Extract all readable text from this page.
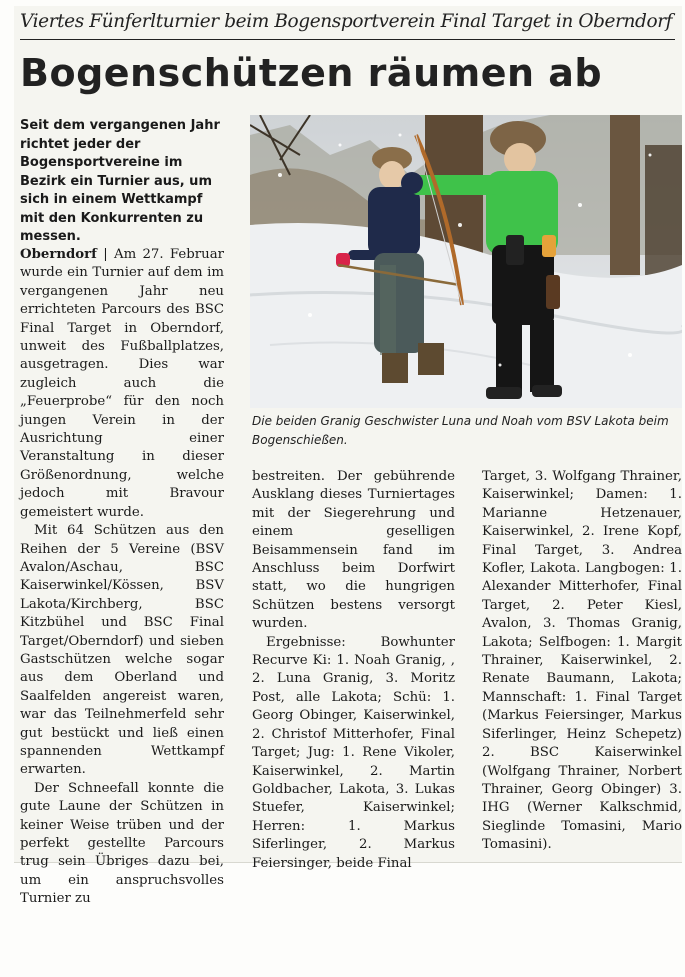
Viertes Fünferlturnier beim Bogensportverein Final Target in Oberndorf
Bogenschützen räumen ab
Seit dem vergangenen Jahr richtet jeder der Bogensportvereine im Bezirk ein Turnier aus, um sich in einem Wettkampf mit den Konkurrenten zu messen.
Die beiden Granig Geschwister Luna und Noah vom BSV Lakota beim Bogenschießen.

Oberndorf | Am 27. Februar wurde ein Turnier auf dem im vergangenen Jahr neu errichteten Parcours des BSC Final Target in Oberndorf, unweit des Fußballplatzes, ausgetragen. Dies war zugleich auch die „Feuerprobe“ für den noch jungen Verein in der Ausrichtung einer Veranstaltung in dieser Größenordnung, welche jedoch mit Bravour gemeistert wurde.

Mit 64 Schützen aus den Reihen der 5 Vereine (BSV Avalon/Aschau, BSC Kaiserwinkel/Kössen, BSV Lakota/Kirchberg, BSC Kitzbühel und BSC Final Target/Oberndorf) und sieben Gastschützen welche sogar aus dem Oberland und Saalfelden angereist waren, war das Teilnehmerfeld sehr gut bestückt und ließ einen spannenden Wettkampf erwarten.

Der Schneefall konnte die gute Laune der Schützen in keiner Weise trüben und der perfekt gestellte Parcours trug sein Übriges dazu bei, um ein anspruchsvolles Turnier zu

bestreiten. Der gebührende Ausklang dieses Turniertages mit der Siegerehrung und einem geselligen Beisammensein fand im Anschluss beim Dorfwirt statt, wo die hungrigen Schützen bestens versorgt wurden.

Ergebnisse: Bowhunter Recurve Ki: 1. Noah Granig, , 2. Luna Granig, 3. Moritz Post, alle Lakota; Schü: 1. Georg Obinger, Kaiserwinkel, 2. Christof Mitterhofer, Final Target; Jug: 1. Rene Vikoler, Kaiserwinkel, 2. Martin Goldbacher, Lakota, 3. Lukas Stuefer, Kaiserwinkel; Herren: 1. Markus Siferlinger, 2. Markus Feiersinger, beide Final

Target, 3. Wolfgang Thrainer, Kaiserwinkel; Damen: 1. Marianne Hetzenauer, Kaiserwinkel, 2. Irene Kopf, Final Target, 3. Andrea Kofler, Lakota. Langbogen: 1. Alexander Mitterhofer, Final Target, 2. Peter Kiesl, Avalon, 3. Thomas Granig, Lakota; Selfbogen: 1. Margit Thrainer, Kaiserwinkel, 2. Renate Baumann, Lakota; Mannschaft: 1. Final Target (Markus Feiersinger, Markus Siferlinger, Heinz Schepetz) 2. BSC Kaiserwinkel (Wolfgang Thrainer, Norbert Thrainer, Georg Obinger) 3. IHG (Werner Kalkschmid, Sieglinde Tomasini, Mario Tomasini).
